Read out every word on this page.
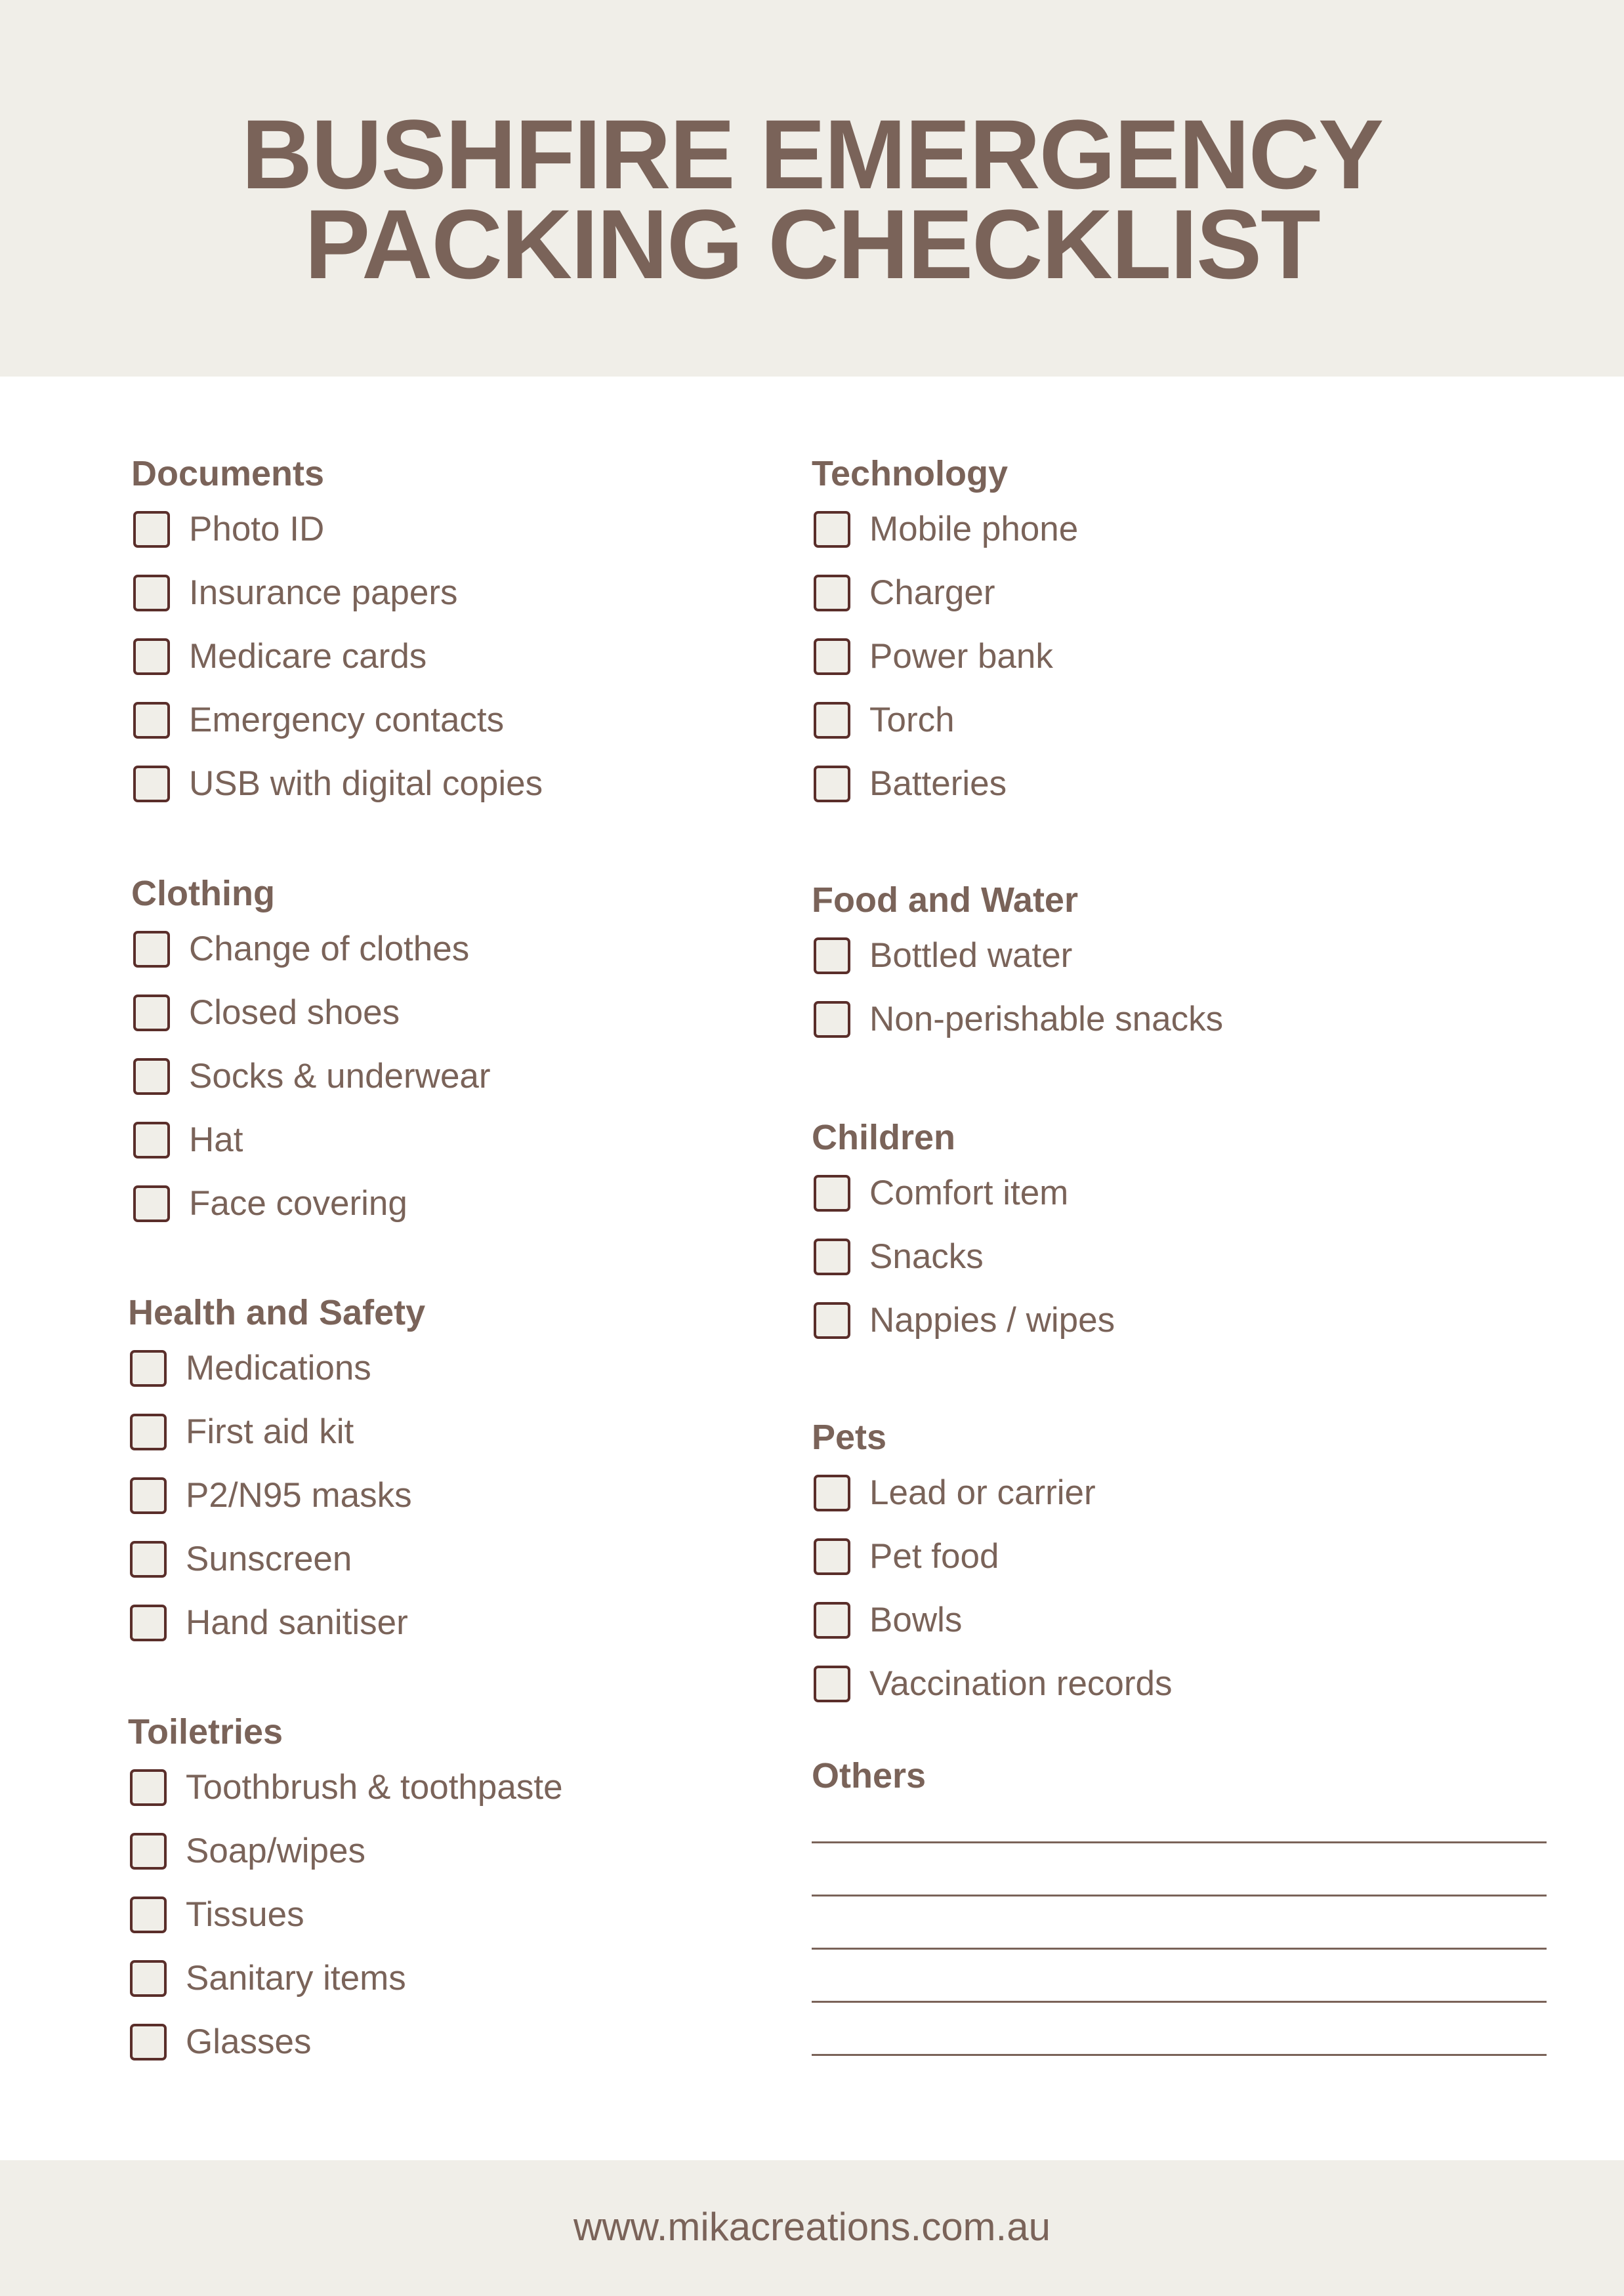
BUSHFIRE EMERGENCY
PACKING CHECKLIST
Documents
Photo ID
Insurance papers
Medicare cards
Emergency contacts
USB with digital copies
Clothing
Change of clothes
Closed shoes
Socks & underwear
Hat
Face covering
Health and Safety
Medications
First aid kit
P2/N95 masks
Sunscreen
Hand sanitiser
Toiletries
Toothbrush & toothpaste
Soap/wipes
Tissues
Sanitary items
Glasses
Technology
Mobile phone
Charger
Power bank
Torch
Batteries
Food and Water
Bottled water
Non-perishable snacks
Children
Comfort item
Snacks
Nappies / wipes
Pets
Lead or carrier
Pet food
Bowls
Vaccination records
Others
www.mikacreations.com.au
